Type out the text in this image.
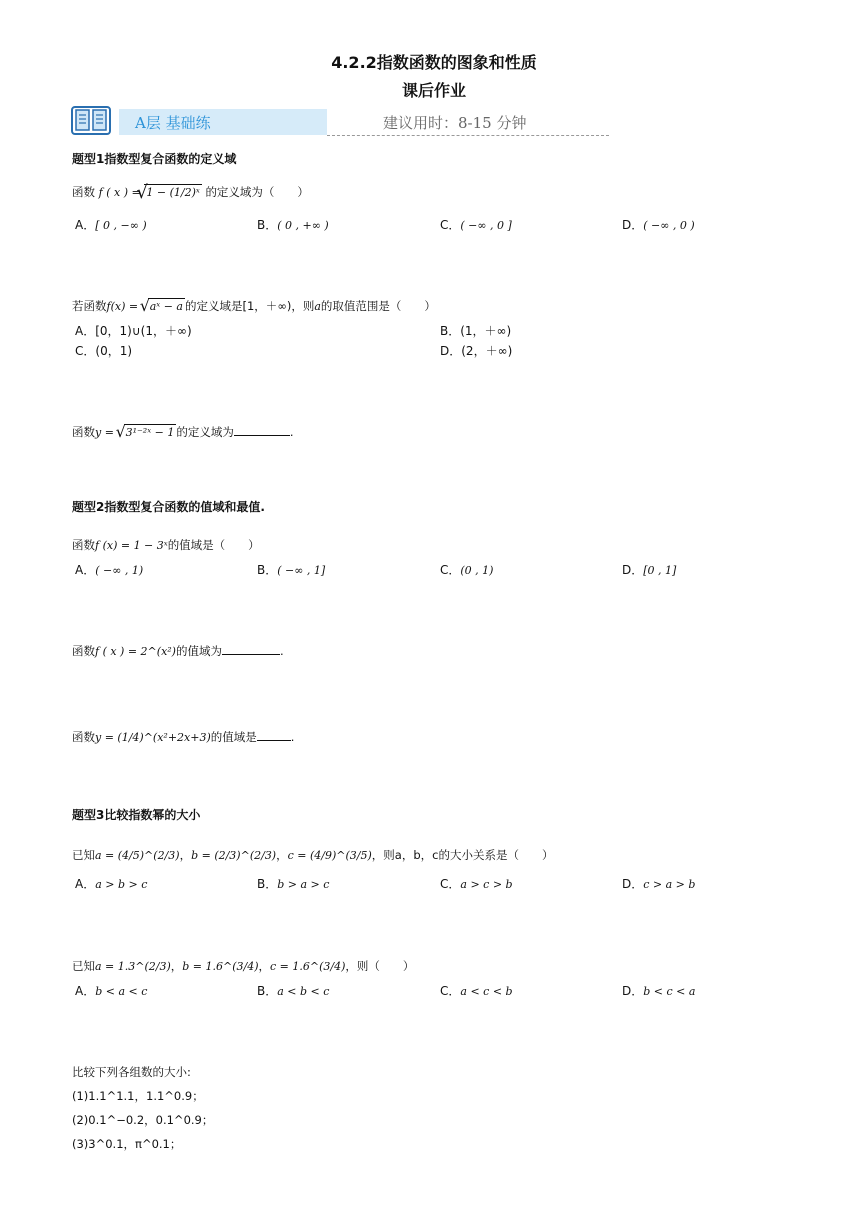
4.2.2指数函数的图象和性质
课后作业
A层 基础练	建议用时：8-15 分钟
题型1指数型复合函数的定义域
函数 f ( x ) =
√
1 − (1/2)ˣ 的定义域为（　　）
A．[ 0 , −∞ )	B．( 0 , +∞ )	C．( −∞ , 0 ]	D．( −∞ , 0 )
若函数f(x) = √ aˣ − a 的定义域是[1，＋∞)，则a的取值范围是（　　）
A．[0，1)∪(1，＋∞)	B．(1，＋∞)
C．(0，1)	D．(2，＋∞)
函数y = √ 3¹⁻²ˣ − 1 的定义域为	.
题型2指数型复合函数的值域和最值.
函数f (x) = 1 − 3ˣ的值域是（　　）
A．( −∞ , 1)	B．( −∞ , 1]	C．(0 , 1)	D．[0 , 1]
函数f ( x ) = 2^(x²)的值域为	.
函数y = (1/4)^(x²+2x+3)的值域是	.
题型3比较指数幂的大小
已知a = (4/5)^(2/3)，b = (2/3)^(2/3)，c = (4/9)^(3/5)，则a，b，c的大小关系是（　　）
A．a > b > c	B．b > a > c	C．a > c > b	D．c > a > b
已知a = 1.3^(2/3)，b = 1.6^(3/4)，c = 1.6^(3/4)，则（　　）
A．b < a < c	B．a < b < c	C．a < c < b	D．b < c < a
比较下列各组数的大小:
(1)1.1^1.1，1.1^0.9；
(2)0.1^−0.2，0.1^0.9；
(3)3^0.1，π^0.1；
